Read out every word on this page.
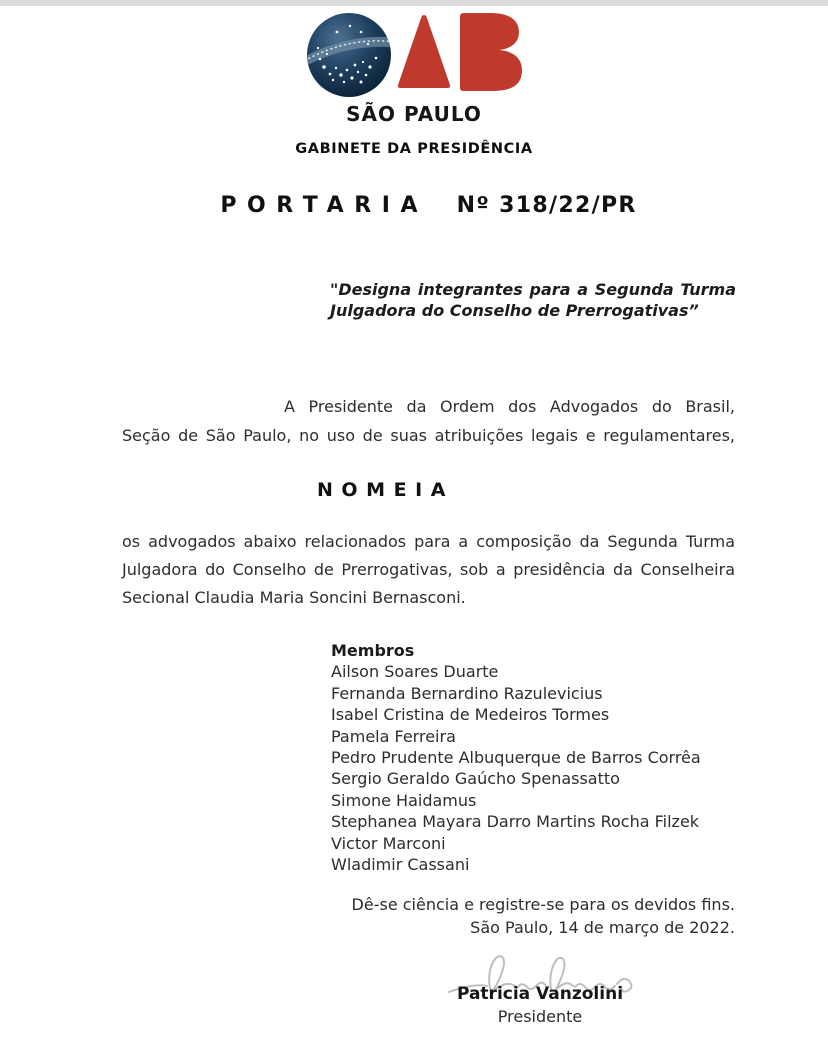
SÃO PAULO
GABINETE DA PRESIDÊNCIA
PORTARIA Nº 318/22/PR
"Designa integrantes para a Segunda Turma
Julgadora do Conselho de Prerrogativas”
A Presidente da Ordem dos Advogados do Brasil,
Seção de São Paulo, no uso de suas atribuições legais e regulamentares,
NOMEIA
os advogados abaixo relacionados para a composição da Segunda Turma
Julgadora do Conselho de Prerrogativas, sob a presidência da Conselheira
Secional Claudia Maria Soncini Bernasconi.
Membros
Ailson Soares Duarte
Fernanda Bernardino Razulevicius
Isabel Cristina de Medeiros Tormes
Pamela Ferreira
Pedro Prudente Albuquerque de Barros Corrêa
Sergio Geraldo Gaúcho Spenassatto
Simone Haidamus
Stephanea Mayara Darro Martins Rocha Filzek
Victor Marconi
Wladimir Cassani
Dê-se ciência e registre-se para os devidos fins.
São Paulo, 14 de março de 2022.
Patricia Vanzolini
Presidente
